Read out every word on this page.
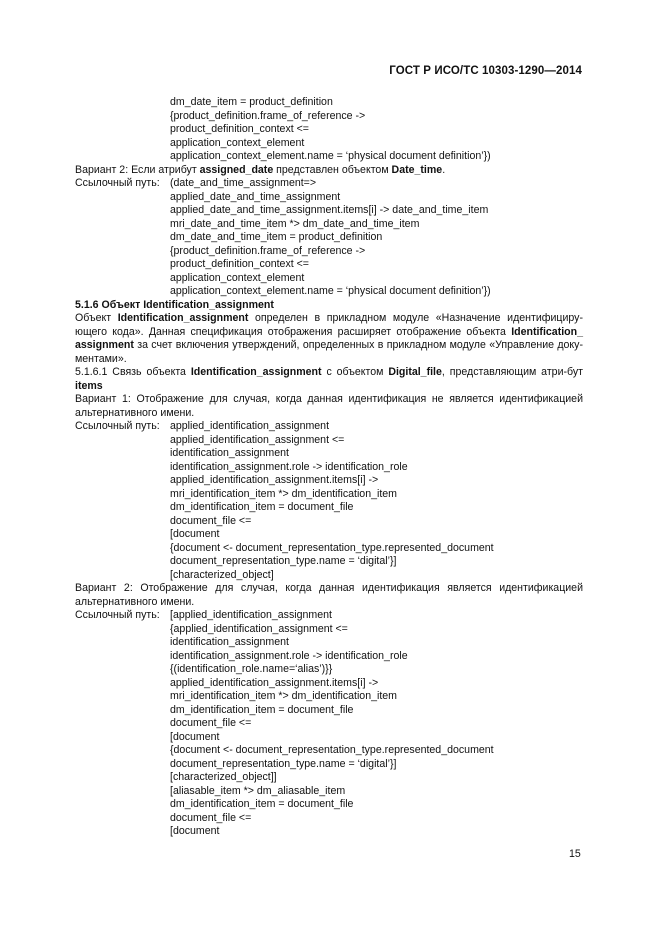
ГОСТ Р ИСО/ТС 10303-1290—2014

dm_date_item = product_definition

{product_definition.frame_of_reference ->

product_definition_context <=

application_context_element

application_context_element.name = ‘physical document definition’})

Вариант 2: Если атрибут assigned_date представлен объектом Date_time.

Ссылочный путь: (date_and_time_assignment=>

applied_date_and_time_assignment

applied_date_and_time_assignment.items[i] -> date_and_time_item

mri_date_and_time_item *> dm_date_and_time_item

dm_date_and_time_item = product_definition

{product_definition.frame_of_reference ->

product_definition_context <=

application_context_element

application_context_element.name = ‘physical document definition’})

5.1.6 Объект Identification_assignment

Объект Identification_assignment определен в прикладном модуле «Назначение идентифициру-ющего кода». Данная спецификация отображения расширяет отображение объекта Identification_ assignment за счет включения утверждений, определенных в прикладном модуле «Управление доку-ментами».

5.1.6.1 Связь объекта Identification_assignment с объектом Digital_file, представляющим атри-бут items

Вариант 1: Отображение для случая, когда данная идентификация не является идентификацией альтернативного имени.

Ссылочный путь: applied_identification_assignment

applied_identification_assignment <=

identification_assignment

identification_assignment.role -> identification_role

applied_identification_assignment.items[i] ->

mri_identification_item *> dm_identification_item

dm_identification_item = document_file

document_file <=

[document

{document <- document_representation_type.represented_document

document_representation_type.name = ‘digital’}]

[characterized_object]

Вариант 2: Отображение для случая, когда данная идентификация является идентификацией альтернативного имени.

Ссылочный путь: [applied_identification_assignment

{applied_identification_assignment <=

identification_assignment

identification_assignment.role -> identification_role

{(identification_role.name=‘alias’)}}

applied_identification_assignment.items[i] ->

mri_identification_item *> dm_identification_item

dm_identification_item = document_file

document_file <=

[document

{document <- document_representation_type.represented_document

document_representation_type.name = ‘digital’}]

[characterized_object]]

[aliasable_item *> dm_aliasable_item

dm_identification_item = document_file

document_file <=

[document

15
